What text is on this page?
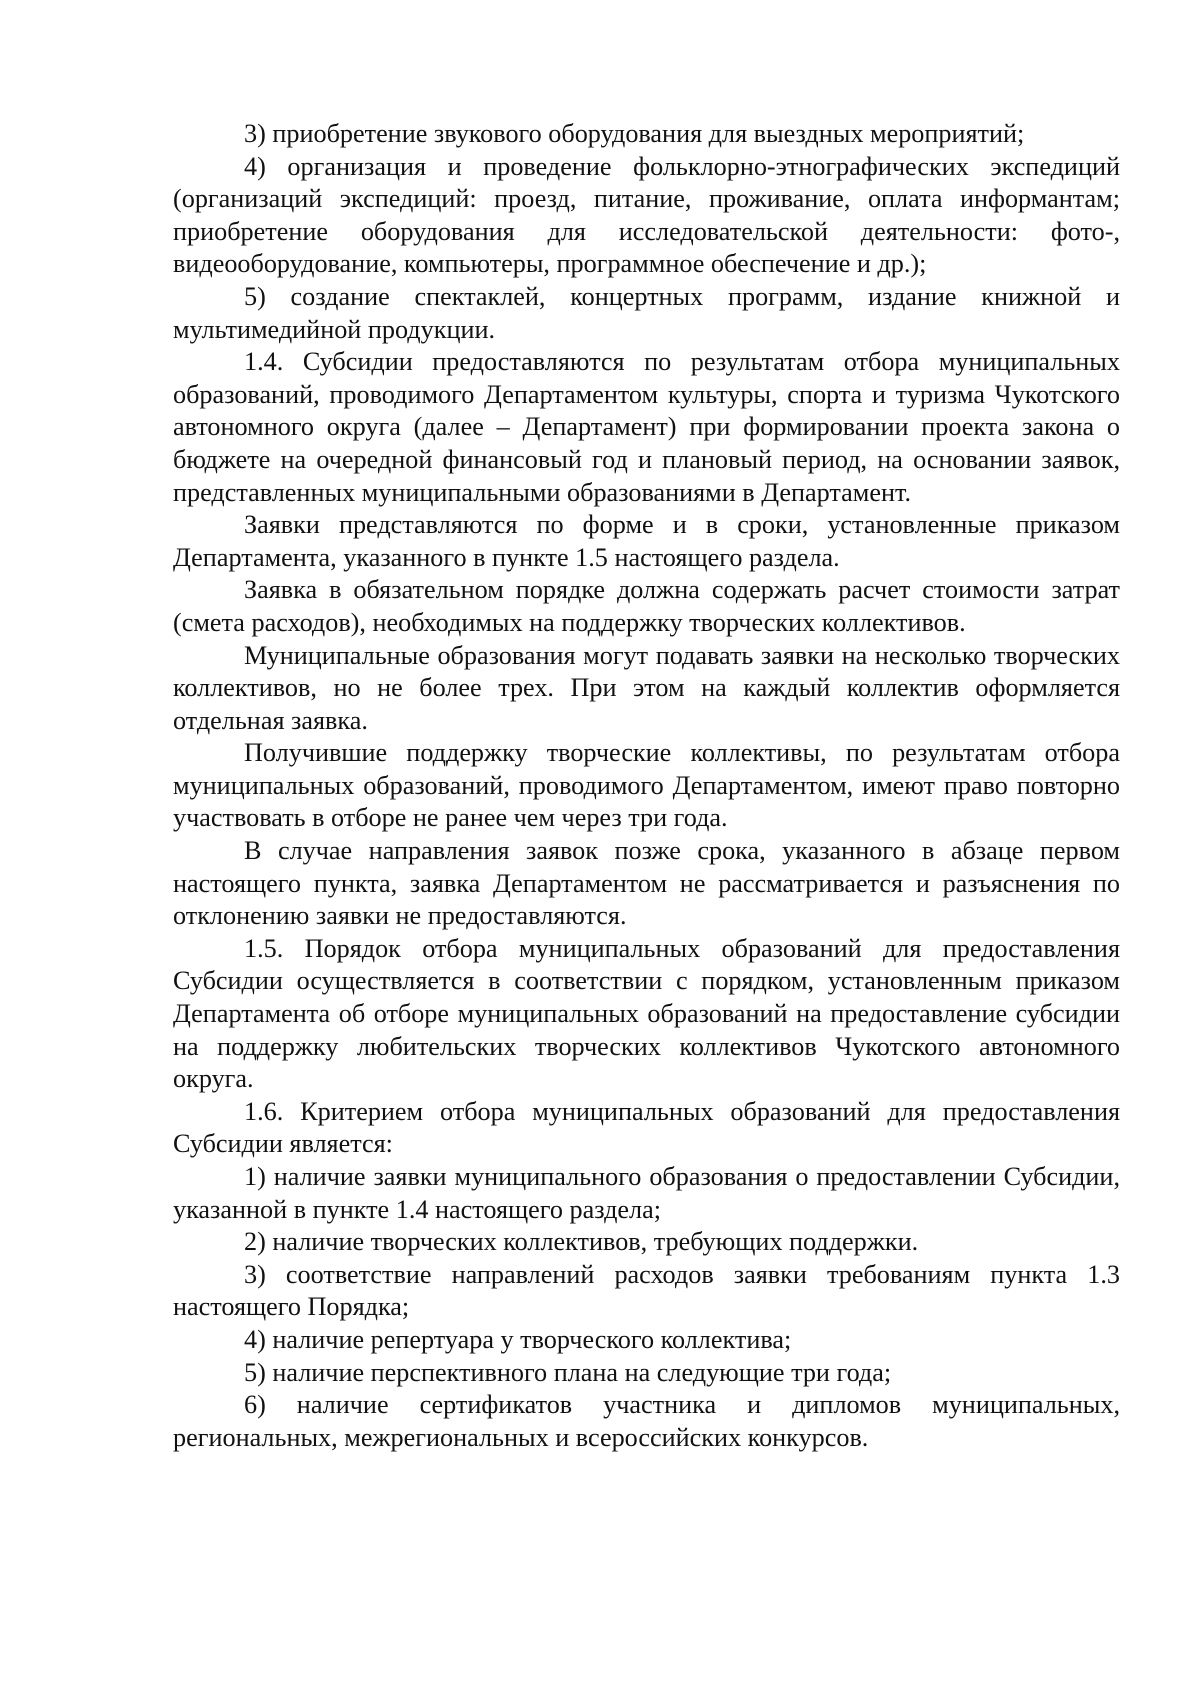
3) приобретение звукового оборудования для выездных мероприятий;

4) организация и проведение фольклорно-этнографических экспедиций (организаций экспедиций: проезд, питание, проживание, оплата информантам; приобретение оборудования для исследовательской деятельности: фото-, видеооборудование, компьютеры, программное обеспечение и др.);

5) создание спектаклей, концертных программ, издание книжной и мультимедийной продукции.

1.4. Субсидии предоставляются по результатам отбора муниципальных образований, проводимого Департаментом культуры, спорта и туризма Чукотского автономного округа (далее – Департамент) при формировании проекта закона о бюджете на очередной финансовый год и плановый период, на основании заявок, представленных муниципальными образованиями в Департамент.

Заявки представляются по форме и в сроки, установленные приказом Департамента, указанного в пункте 1.5 настоящего раздела.

Заявка в обязательном порядке должна содержать расчет стоимости затрат (смета расходов), необходимых на поддержку творческих коллективов.

Муниципальные образования могут подавать заявки на несколько творческих коллективов, но не более трех. При этом на каждый коллектив оформляется отдельная заявка.

Получившие поддержку творческие коллективы, по результатам отбора муниципальных образований, проводимого Департаментом, имеют право повторно участвовать в отборе не ранее чем через три года.

В случае направления заявок позже срока, указанного в абзаце первом настоящего пункта, заявка Департаментом не рассматривается и разъяснения по отклонению заявки не предоставляются.

1.5. Порядок отбора муниципальных образований для предоставления Субсидии осуществляется в соответствии с порядком, установленным приказом Департамента об отборе муниципальных образований на предоставление субсидии на поддержку любительских творческих коллективов Чукотского автономного округа.

1.6. Критерием отбора муниципальных образований для предоставления Субсидии является:

1) наличие заявки муниципального образования о предоставлении Субсидии, указанной в пункте 1.4 настоящего раздела;

2) наличие творческих коллективов, требующих поддержки.

3) соответствие направлений расходов заявки требованиям пункта 1.3 настоящего Порядка;

4) наличие репертуара у творческого коллектива;

5) наличие перспективного плана на следующие три года;

6) наличие сертификатов участника и дипломов муниципальных, региональных, межрегиональных и всероссийских конкурсов.
